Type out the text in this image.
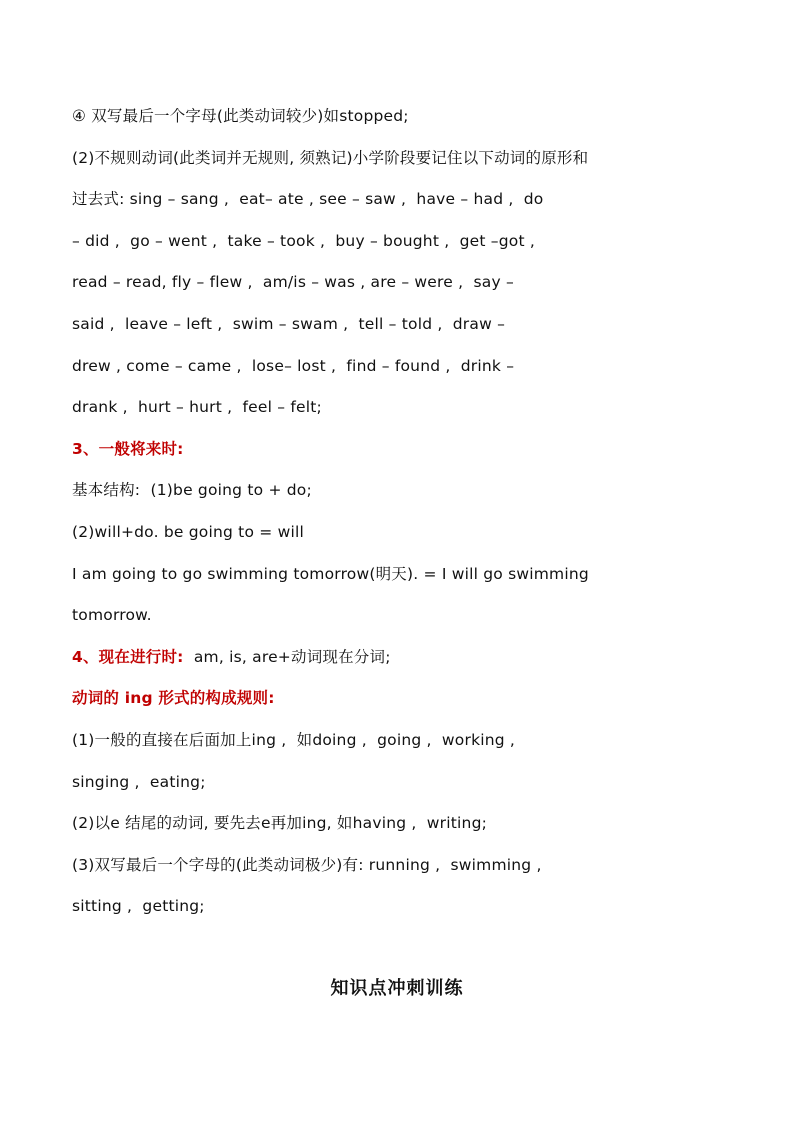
④ 双写最后一个字母(此类动词较少)如stopped;
(2)不规则动词(此类词并无规则, 须熟记)小学阶段要记住以下动词的原形和
过去式: sing – sang ,  eat– ate , see – saw ,  have – had ,  do
– did ,  go – went ,  take – took ,  buy – bought ,  get –got ,
read – read, fly – flew ,  am/is – was , are – were ,  say –
said ,  leave – left ,  swim – swam ,  tell – told ,  draw –
drew , come – came ,  lose– lost ,  find – found ,  drink –
drank ,  hurt – hurt ,  feel – felt;
3、一般将来时:
基本结构:  (1)be going to + do;
(2)will+do. be going to = will
I am going to go swimming tomorrow(明天). = I will go swimming
tomorrow.
4、现在进行时:  am, is, are+动词现在分词;
动词的 ing 形式的构成规则:
(1)一般的直接在后面加上ing ,  如doing ,  going ,  working ,
singing ,  eating;
(2)以e 结尾的动词, 要先去e再加ing, 如having ,  writing;
(3)双写最后一个字母的(此类动词极少)有: running ,  swimming ,
sitting ,  getting;
知识点冲刺训练
